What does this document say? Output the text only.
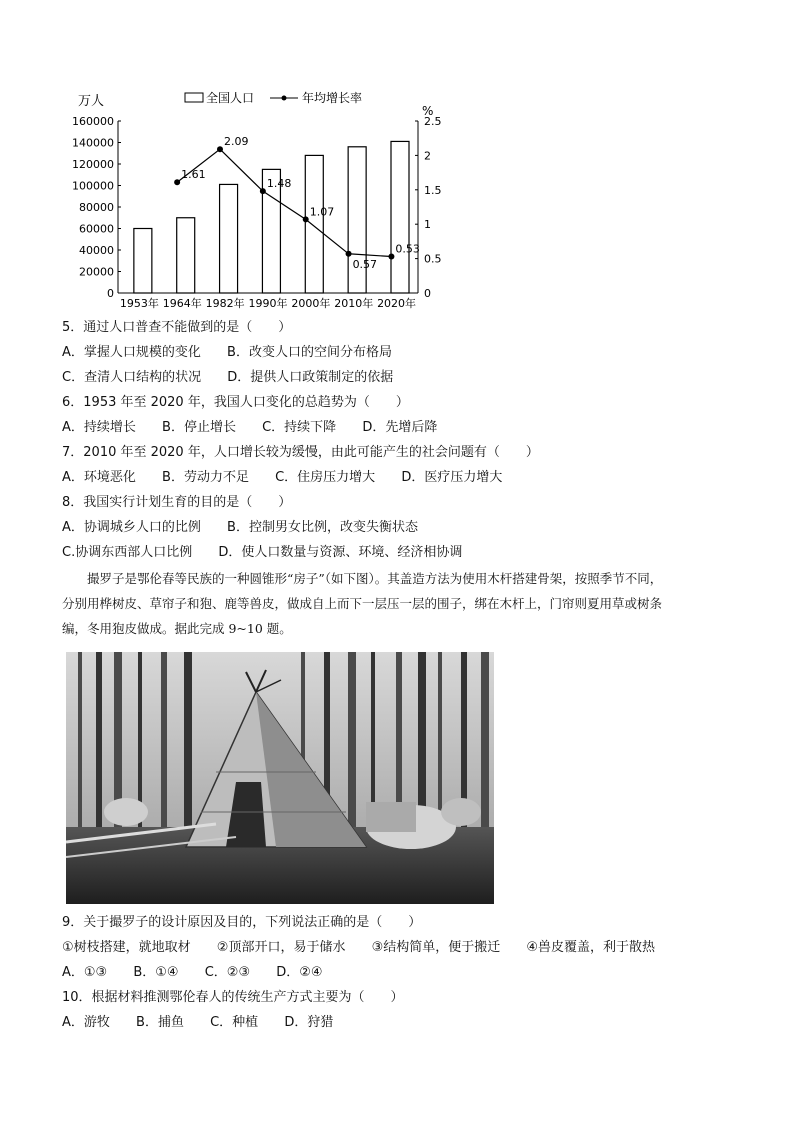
全国人口	年均增长率
万人
%
160000
140000
120000
100000
80000
60000
40000
20000
0
2.5
2
1.5
1
0.5
0
1.61
2.09
1.48
1.07
0.57
0.53
1953年 1964年 1982年 1990年 2000年 2010年 2020年
5．通过人口普查不能做到的是（　　）
A．掌握人口规模的变化 B．改变人口的空间分布格局
C．查清人口结构的状况 D．提供人口政策制定的依据
6．1953 年至 2020 年，我国人口变化的总趋势为（　　）
A．持续增长 B．停止增长 C．持续下降 D．先增后降
7．2010 年至 2020 年，人口增长较为缓慢，由此可能产生的社会问题有（　　）
A．环境恶化 B．劳动力不足 C．住房压力增大 D．医疗压力增大
8．我国实行计划生育的目的是（　　）
A．协调城乡人口的比例 B．控制男女比例，改变失衡状态
C.协调东西部人口比例 D．使人口数量与资源、环境、经济相协调

撮罗子是鄂伦春等民族的一种圆锥形“房子”（如下图）。其盖造方法为使用木杆搭建骨架，按照季节不同，

分别用桦树皮、草帘子和狍、鹿等兽皮，做成自上而下一层压一层的围子，绑在木杆上，门帘则夏用草或树条
编，冬用狍皮做成。据此完成 9~10 题。
9．关于撮罗子的设计原因及目的，下列说法正确的是（　　）
①树枝搭建，就地取材 ②顶部开口，易于储水 ③结构简单，便于搬迁 ④兽皮覆盖，利于散热
A．①③ B．①④ C．②③ D．②④
10．根据材料推测鄂伦春人的传统生产方式主要为（　　）
A．游牧 B．捕鱼 C．种植 D．狩猎
